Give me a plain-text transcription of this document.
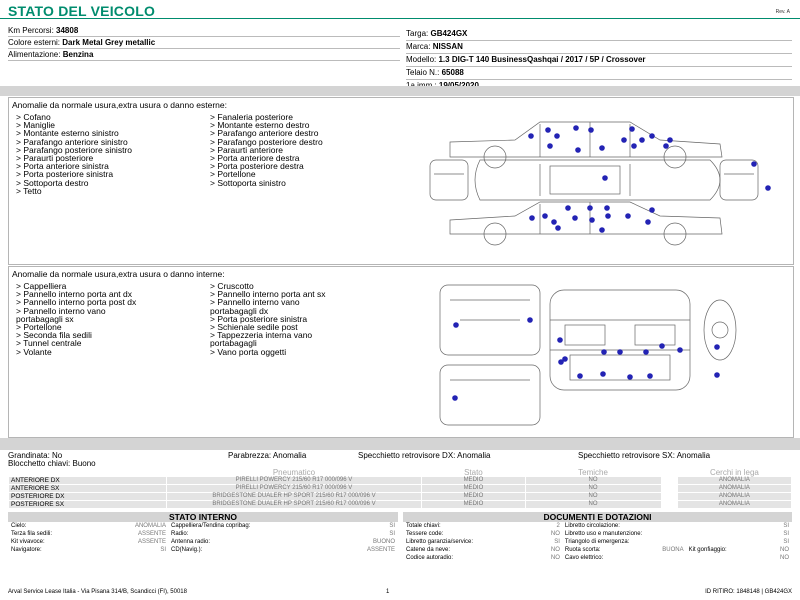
STATO DEL VEICOLO	Rev. A
Km Percorsi: 34808
Colore esterni: Dark Metal Grey metallic
Alimentazione: Benzina
Targa: GB424GX
Marca: NISSAN
Modello: 1.3 DIG-T 140 BusinessQashqai / 2017 / 5P / Crossover
Telaio N.: 65088
Anomalie da normale usura,extra usura o danno esterne:
> Cofano
> Maniglie
> Montante esterno sinistro
> Parafango anteriore sinistro
> Parafango posteriore sinistro
> Paraurti posteriore
> Porta anteriore sinistra
> Porta posteriore sinistra
> Sottoporta destro
> Tetto
> Fanaleria posteriore
> Montante esterno destro
> Parafango anteriore destro
> Parafango posteriore destro
> Paraurti anteriore
> Porta anteriore destra
> Porta posteriore destra
> Portellone
> Sottoporta sinistro
Anomalie da normale usura,extra usura o danno interne:
> Cappelliera
> Pannello interno porta ant dx
> Pannello interno porta post dx
> Pannello interno vano
portabagagli sx
> Portellone
> Seconda fila sedili
> Tunnel centrale
> Volante
> Cruscotto
> Pannello interno porta ant sx
> Pannello interno vano
portabagagli dx
> Porta posteriore sinistra
> Schienale sedile post
> Tappezzeria interna vano
portabagagli
> Vano porta oggetti
Grandinata: No	Parabrezza: Anomalia	Specchietto retrovisore DX: Anomalia	Specchietto retrovisore SX: Anomalia
Blocchetto chiavi: Buono
	Pneumatico	Stato	Temiche		Cerchi in lega
ANTERIORE DX	PIRELLI POWERCY 215/60 R17 000/096 V	MEDIO	NO		ANOMALIA
ANTERIORE SX	PIRELLI POWERCY 215/60 R17 000/096 V	MEDIO	NO		ANOMALIA
POSTERIORE DX	BRIDGESTONE DUALER HP SPORT 215/60 R17 000/096 V	MEDIO	NO		ANOMALIA
POSTERIORE SX	BRIDGESTONE DUALER HP SPORT 215/60 R17 000/096 V	MEDIO	NO		ANOMALIA
STATO INTERNO
Cielo:	ANOMALIA	Cappelliera/Tendina copribag:	SI
Terza fila sedili:	ASSENTE	Radio:	SI
Kit vivavoce:	ASSENTE	Antenna radio:	BUONO
Navigatore:	SI	CD(Navig.):	ASSENTE
DOCUMENTI E DOTAZIONI
Totale chiavi:	2	Libretto circolazione:			SI
Tessere code:	NO	Libretto uso e manutenzione:			SI
Libretto garanzia/service:	SI	Triangolo di emergenza:			SI
Catene da neve:	NO	Ruota scorta:	BUONA	Kit gonfiaggio:	NO
Codice autoradio:	NO	Cavo elettrico:			NO
Arval Service Lease Italia - Via Pisana 314/B, Scandicci (FI), 50018	1	ID RITIRO: 1848148 | GB424GX
